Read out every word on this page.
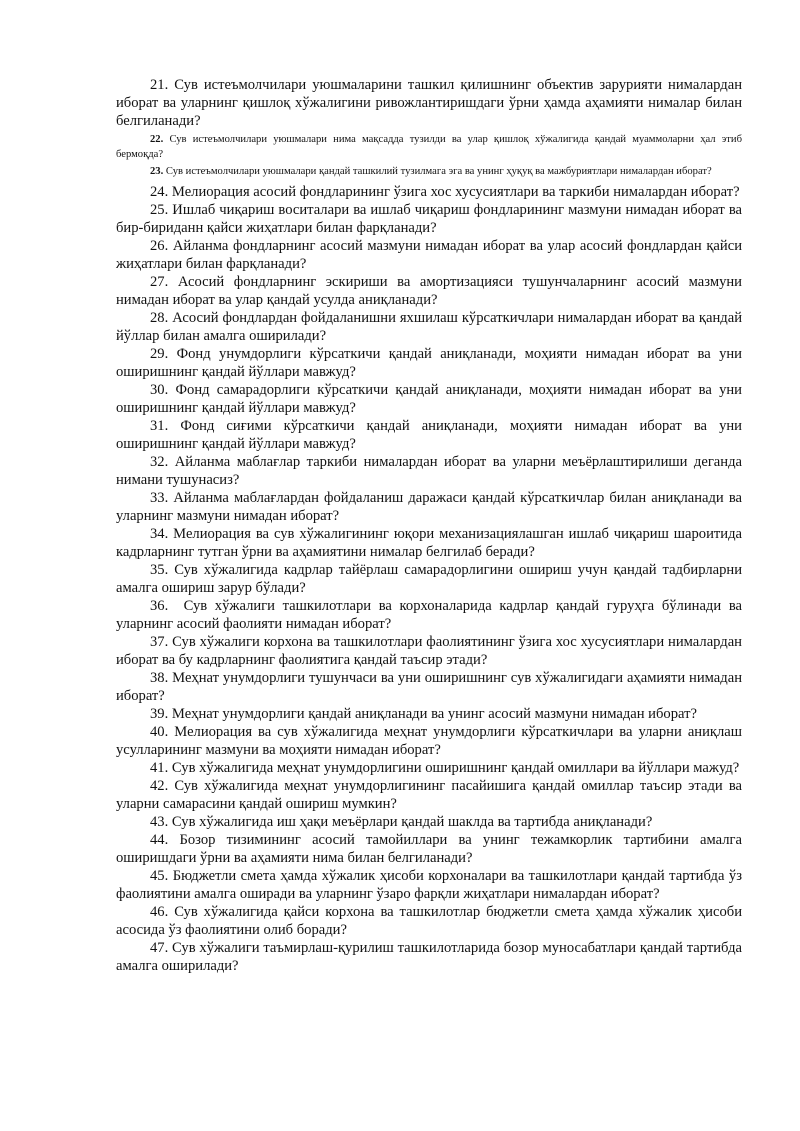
21. Сув истеъмолчилари уюшмаларини ташкил қилишнинг объектив зарурияти нималардан иборат ва уларнинг қишлоқ хўжалигини ривожлантиришдаги ўрни ҳамда аҳамияти нималар билан белгиланади?

22. Сув истеъмолчилари уюшмалари нима мақсадда тузилди ва улар қишлоқ хўжалигида қандай муаммоларни ҳал этиб бермоқда?

23. Сув истеъмолчилари уюшмалари қандай ташкилий тузилмага эга ва унинг ҳуқуқ ва мажбуриятлари нималардан иборат?

24. Мелиорация асосий фондларининг ўзига хос хусусиятлари ва таркиби нималардан иборат?

25. Ишлаб чиқариш воситалари ва ишлаб чиқариш фондларининг мазмуни нимадан иборат ва бир-бириданн қайси жиҳатлари билан фарқланади?

26. Айланма фондларнинг асосий мазмуни нимадан иборат ва улар асосий фондлардан қайси жиҳатлари билан фарқланади?

27. Асосий фондларнинг эскириши ва амортизацияси тушунчаларнинг асосий мазмуни нимадан иборат ва улар қандай усулда аниқланади?

28. Асосий фондлардан фойдаланишни яхшилаш кўрсаткичлари нималардан иборат ва қандай йўллар билан амалга оширилади?

29. Фонд унумдорлиги кўрсаткичи қандай аниқланади, моҳияти нимадан иборат ва уни оширишнинг қандай йўллари мавжуд?

30. Фонд самарадорлиги кўрсаткичи қандай аниқланади, моҳияти нимадан иборат ва уни оширишнинг қандай йўллари мавжуд?

31. Фонд сиғими кўрсаткичи қандай аниқланади, моҳияти нимадан иборат ва уни оширишнинг қандай йўллари мавжуд?

32. Айланма маблағлар таркиби нималардан иборат ва уларни меъёрлаштирилиши деганда нимани тушунасиз?

33. Айланма маблағлардан фойдаланиш даражаси қандай кўрсаткичлар билан аниқланади ва уларнинг мазмуни нимадан иборат?

34. Мелиорация ва сув хўжалигининг юқори механизациялашган ишлаб чиқариш шароитида кадрларнинг тутган ўрни ва аҳамиятини нималар белгилаб беради?

35. Сув хўжалигида кадрлар тайёрлаш самарадорлигини ошириш учун қандай тадбирларни амалга ошириш зарур бўлади?

36.  Сув хўжалиги ташкилотлари ва корхоналарида кадрлар қандай гуруҳга бўлинади ва уларнинг асосий фаолияти нимадан иборат?

37. Сув хўжалиги корхона ва ташкилотлари фаолиятининг ўзига хос хусусиятлари нималардан иборат ва бу кадрларнинг фаолиятига қандай таъсир этади?

38. Меҳнат унумдорлиги тушунчаси ва уни оширишнинг сув хўжалигидаги аҳамияти нимадан иборат?

39. Меҳнат унумдорлиги қандай аниқланади ва унинг асосий мазмуни нимадан иборат?

40. Мелиорация ва сув хўжалигида меҳнат унумдорлиги кўрсаткичлари ва уларни аниқлаш усулларининг мазмуни ва моҳияти нимадан иборат?

41. Сув хўжалигида меҳнат унумдорлигини оширишнинг қандай омиллари ва йўллари мажуд?

42. Сув хўжалигида меҳнат унумдорлигининг пасайишига қандай омиллар таъсир этади ва уларни самарасини қандай ошириш мумкин?

43. Сув хўжалигида иш ҳақи меъёрлари қандай шаклда ва тартибда аниқланади?

44. Бозор тизимининг асосий тамойиллари ва унинг тежамкорлик тартибини амалга оширишдаги ўрни ва аҳамияти нима билан белгиланади?

45. Бюджетли смета ҳамда хўжалик ҳисоби корхоналари ва ташкилотлари қандай тартибда ўз фаолиятини амалга оширади ва уларнинг ўзаро фарқли жиҳатлари нималардан иборат?

46. Сув хўжалигида қайси корхона ва ташкилотлар бюджетли смета ҳамда хўжалик ҳисоби асосида ўз фаолиятини олиб боради?

47. Сув хўжалиги таъмирлаш-қурилиш ташкилотларида бозор муносабатлари қандай тартибда амалга оширилади?
